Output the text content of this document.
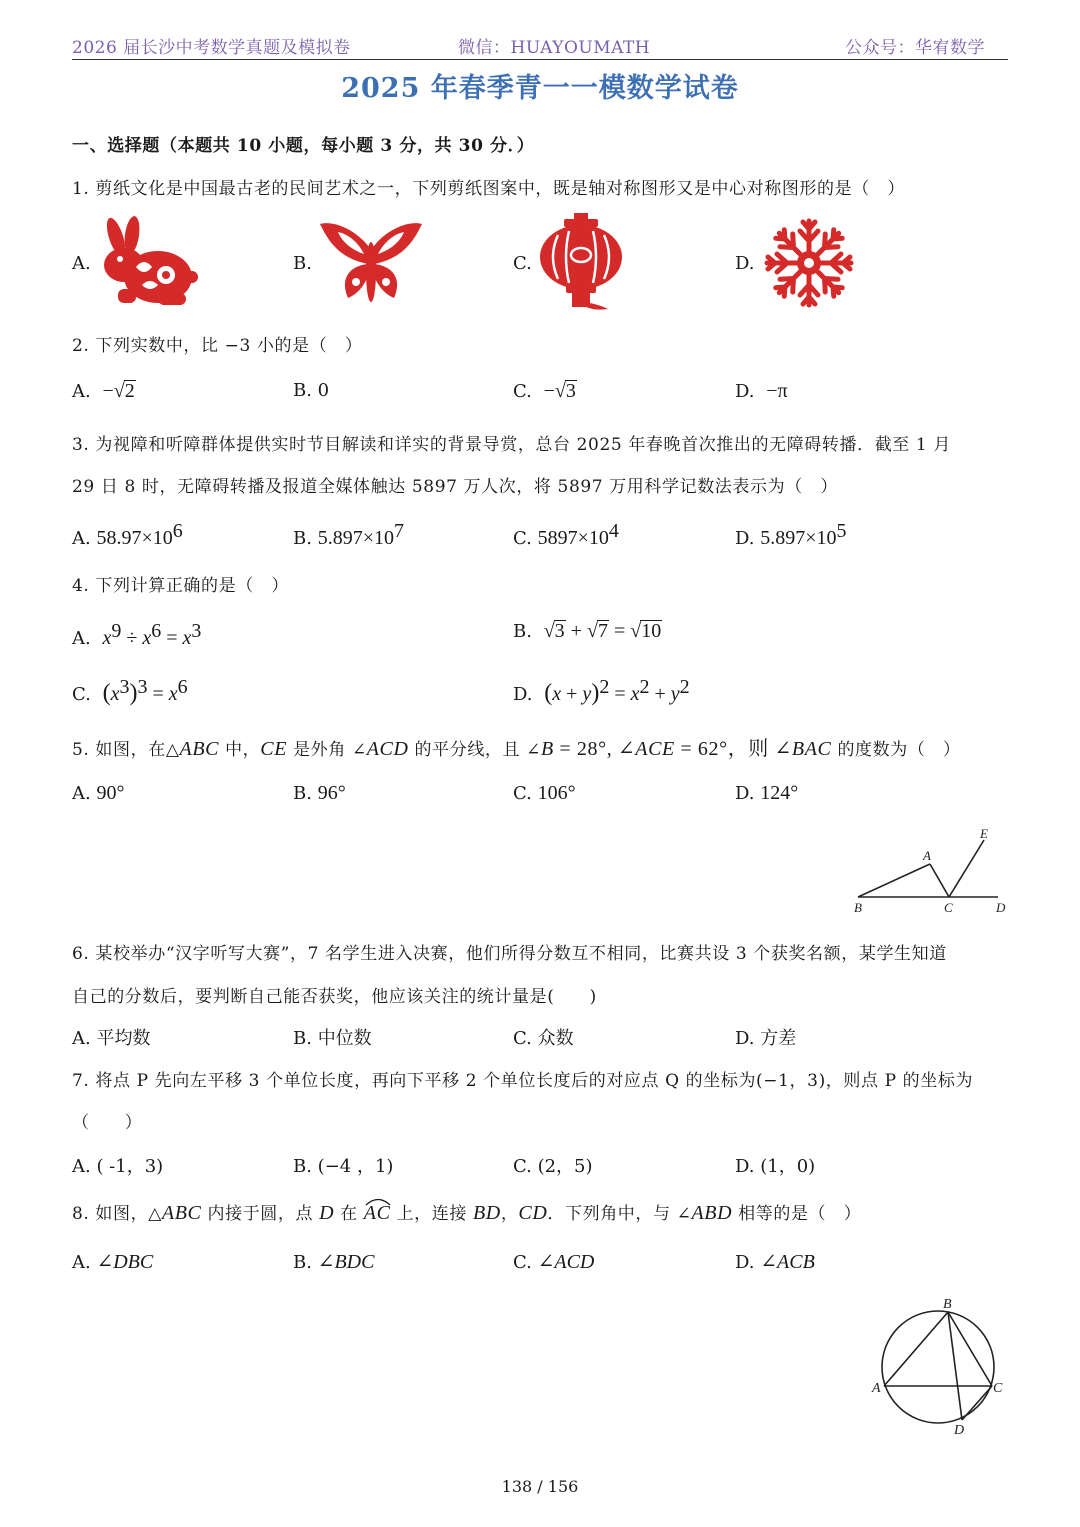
2026 届长沙中考数学真题及模拟卷	微信：HUAYOUMATH	公众号：华宥数学
2025 年春季青一一模数学试卷
一、选择题（本题共 10 小题，每小题 3 分，共 30 分．）
1. 剪纸文化是中国最古老的民间艺术之一，下列剪纸图案中，既是轴对称图形又是中心对称图形的是（　）
A.	B.	C.	D.
2. 下列实数中，比 −3 小的是（　）
A. −√2	B. 0	C. −√3	D. −π
3. 为视障和听障群体提供实时节目解读和详实的背景导赏，总台 2025 年春晚首次推出的无障碍转播．截至 1 月
29 日 8 时，无障碍转播及报道全媒体触达 5897 万人次，将 5897 万用科学记数法表示为（　）
A. $58.97\times 10^6$	B. $5.897\times 10^7$	C. $5897\times 10^4$	D. $5.897\times 10^5$
4. 下列计算正确的是（　）
A. $x^9 \div x^6 = x^3$	B. √3 + √7 = √10
C. $(x^3)^3 = x^6$	D. $(x + y)^2 = x^2 + y^2$
5. 如图，在△ABC 中，CE 是外角 ∠ACD 的平分线，且 ∠B = 28°, ∠ACE = 62°，则 ∠BAC 的度数为（　）
A. 90°	B. 96°	C. 106°	D. 124°
A
E
B	C	D
6. 某校举办“汉字听写大赛”，7 名学生进入决赛，他们所得分数互不相同，比赛共设 3 个获奖名额，某学生知道
自己的分数后，要判断自己能否获奖，他应该关注的统计量是(　　)
A. 平均数	B. 中位数	C. 众数	D. 方差
7. 将点 P 先向左平移 3 个单位长度，再向下平移 2 个单位长度后的对应点 Q 的坐标为(−1，3)，则点 P 的坐标为
（　　）
A. ( -1，3)	B. (−4 ，1)	C. (2，5)	D. (1，0)
8. 如图，△ABC 内接于圆，点 D 在
AC 上，连接 BD，CD．下列角中，与 ∠ABD 相等的是（　）
A. ∠DBC	B. ∠BDC	C. ∠ACD	D. ∠ACB
B
A	C
D
138 / 156
